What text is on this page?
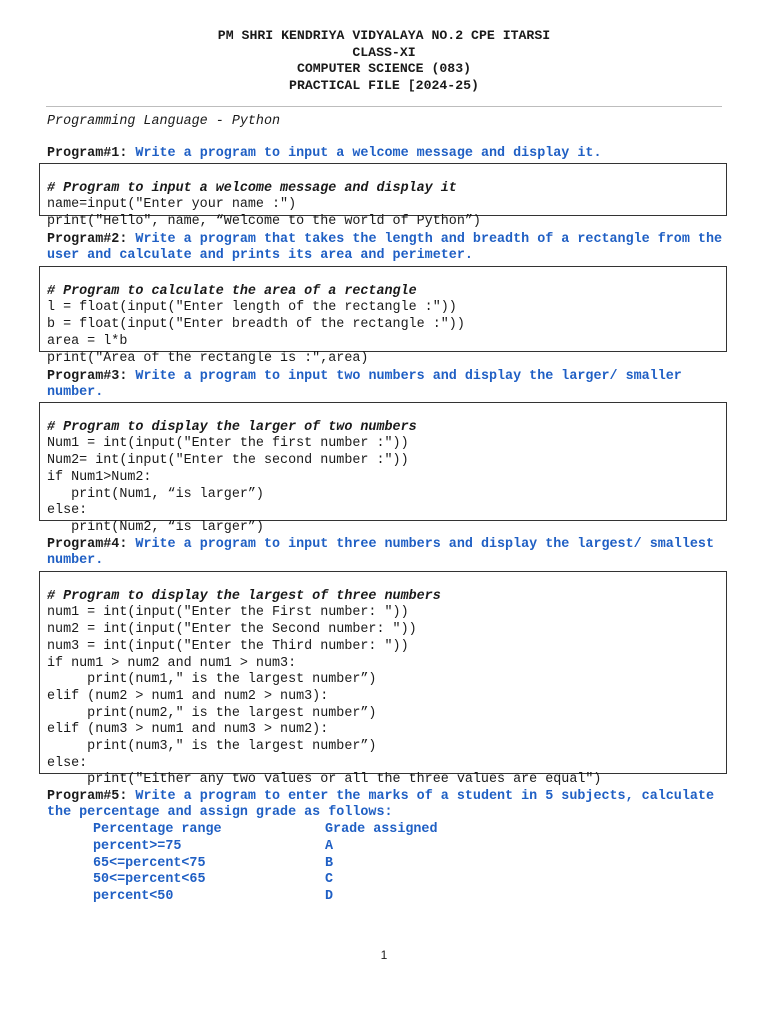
PM SHRI KENDRIYA VIDYALAYA NO.2 CPE ITARSI
CLASS-XI
COMPUTER SCIENCE (083)
PRACTICAL FILE [2024-25)
Programming Language - Python
Program#1: Write a program to input a welcome message and display it.

# Program to input a welcome message and display it
name=input("Enter your name :")
print("Hello", name, “Welcome to the world of Python”)
Program#2: Write a program that takes the length and breadth of a rectangle from the user and calculate and prints its area and perimeter.

# Program to calculate the area of a rectangle
l = float(input("Enter length of the rectangle :"))
b = float(input("Enter breadth of the rectangle :"))
area = l*b
print("Area of the rectangle is :",area)
Program#3: Write a program to input two numbers and display the larger/ smaller number.

# Program to display the larger of two numbers
Num1 = int(input("Enter the first number :"))
Num2= int(input("Enter the second number :"))
if Num1>Num2:
print(Num1, “is larger”)
else:
print(Num2, “is larger”)
Program#4: Write a program to input three numbers and display the largest/ smallest number.

# Program to display the largest of three numbers
num1 = int(input("Enter the First number: "))
num2 = int(input("Enter the Second number: "))
num3 = int(input("Enter the Third number: "))
if num1 > num2 and num1 > num3:
print(num1," is the largest number”)
elif (num2 > num1 and num2 > num3):
print(num2," is the largest number”)
elif (num3 > num1 and num3 > num2):
print(num3," is the largest number”)
else:
print("Either any two values or all the three values are equal")
Program#5: Write a program to enter the marks of a student in 5 subjects, calculate the percentage and assign grade as follows:
Percentage range	Grade assigned
percent>=75	A
65<=percent<75	B
50<=percent<65	C
percent<50	D
1
